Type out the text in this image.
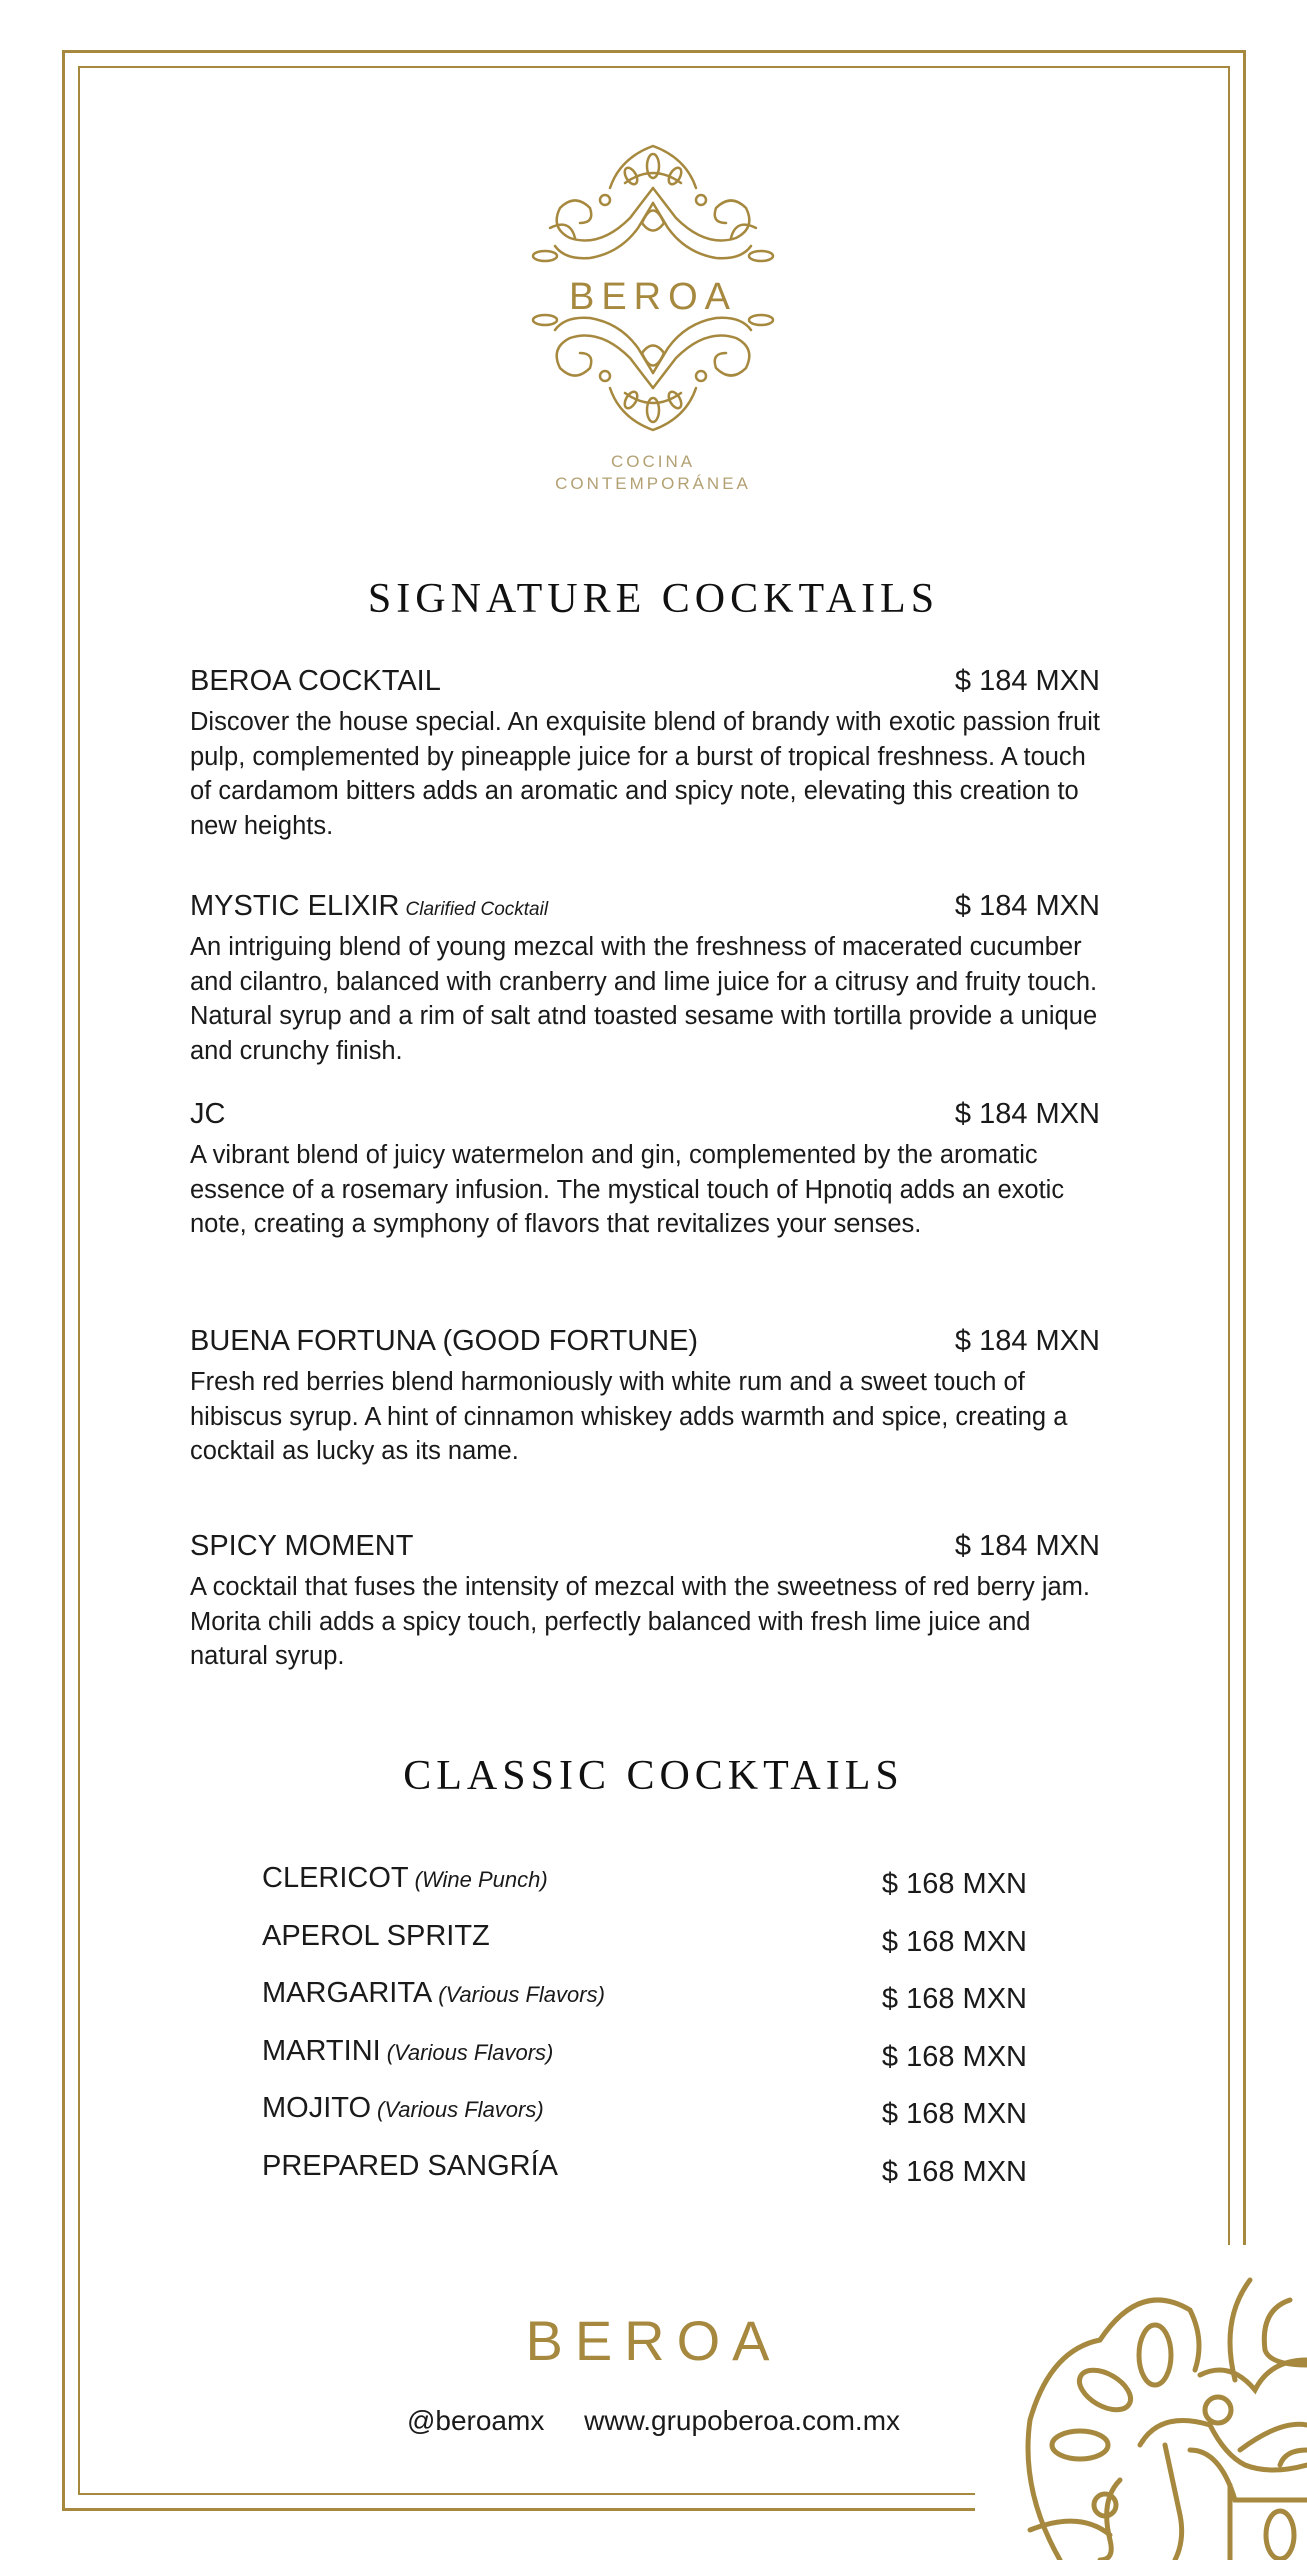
BEROA
COCINA
CONTEMPORÁNEA
SIGNATURE COCKTAILS
BEROA COCKTAIL	$ 184 MXN
Discover the house special. An exquisite blend of brandy with exotic passion fruit pulp, complemented by pineapple juice for a burst of tropical freshness. A touch of cardamom bitters adds an aromatic and spicy note, elevating this creation to new heights.
MYSTIC ELIXIR Clarified Cocktail	$ 184 MXN
An intriguing blend of young mezcal with the freshness of macerated cucumber and cilantro, balanced with cranberry and lime juice for a citrusy and fruity touch. Natural syrup and a rim of salt atnd toasted sesame with tortilla provide a unique and crunchy finish.
JC	$ 184 MXN
A vibrant blend of juicy watermelon and gin, complemented by the aromatic essence of a rosemary infusion. The mystical touch of Hpnotiq adds an exotic note, creating a symphony of flavors that revitalizes your senses.
BUENA FORTUNA (GOOD FORTUNE)	$ 184 MXN
Fresh red berries blend harmoniously with white rum and a sweet touch of hibiscus syrup. A hint of cinnamon whiskey adds warmth and spice, creating a cocktail as lucky as its name.
SPICY MOMENT	$ 184 MXN
A cocktail that fuses the intensity of mezcal with the sweetness of red berry jam. Morita chili adds a spicy touch, perfectly balanced with fresh lime juice and natural syrup.
CLASSIC COCKTAILS
CLERICOT (Wine Punch)	$ 168 MXN
APEROL SPRITZ	$ 168 MXN
MARGARITA (Various Flavors)	$ 168 MXN
MARTINI (Various Flavors)	$ 168 MXN
MOJITO (Various Flavors)	$ 168 MXN
PREPARED SANGRÍA	$ 168 MXN
BEROA
@beroamx www.grupoberoa.com.mx
